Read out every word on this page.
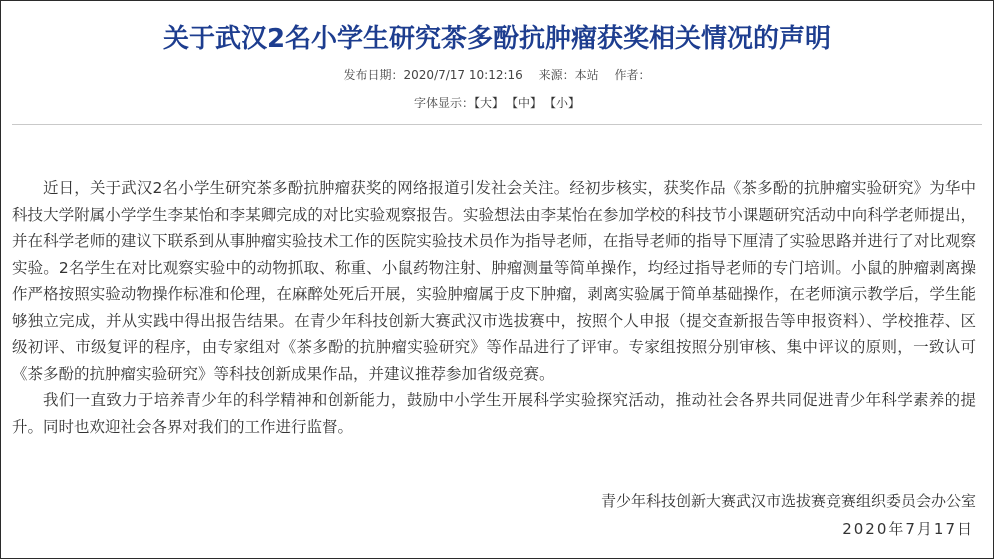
关于武汉2名小学生研究茶多酚抗肿瘤获奖相关情况的声明
发布日期：2020/7/17 10:12:16 来源：本站 作者：
字体显示：【大】 【中】 【小】

近日，关于武汉2名小学生研究茶多酚抗肿瘤获奖的网络报道引发社会关注。经初步核实，获奖作品《茶多酚的抗肿瘤实验研究》为华中科技大学附属小学学生李某怡和李某卿完成的对比实验观察报告。实验想法由李某怡在参加学校的科技节小课题研究活动中向科学老师提出，并在科学老师的建议下联系到从事肿瘤实验技术工作的医院实验技术员作为指导老师，在指导老师的指导下厘清了实验思路并进行了对比观察实验。2名学生在对比观察实验中的动物抓取、称重、小鼠药物注射、肿瘤测量等简单操作，均经过指导老师的专门培训。小鼠的肿瘤剥离操作严格按照实验动物操作标准和伦理，在麻醉处死后开展，实验肿瘤属于皮下肿瘤，剥离实验属于简单基础操作，在老师演示教学后，学生能够独立完成，并从实践中得出报告结果。在青少年科技创新大赛武汉市选拔赛中，按照个人申报（提交查新报告等申报资料）、学校推荐、区级初评、市级复评的程序，由专家组对《茶多酚的抗肿瘤实验研究》等作品进行了评审。专家组按照分别审核、集中评议的原则，一致认可《茶多酚的抗肿瘤实验研究》等科技创新成果作品，并建议推荐参加省级竞赛。

我们一直致力于培养青少年的科学精神和创新能力，鼓励中小学生开展科学实验探究活动，推动社会各界共同促进青少年科学素养的提升。同时也欢迎社会各界对我们的工作进行监督。

青少年科技创新大赛武汉市选拔赛竞赛组织委员会办公室
2020年7月17日
